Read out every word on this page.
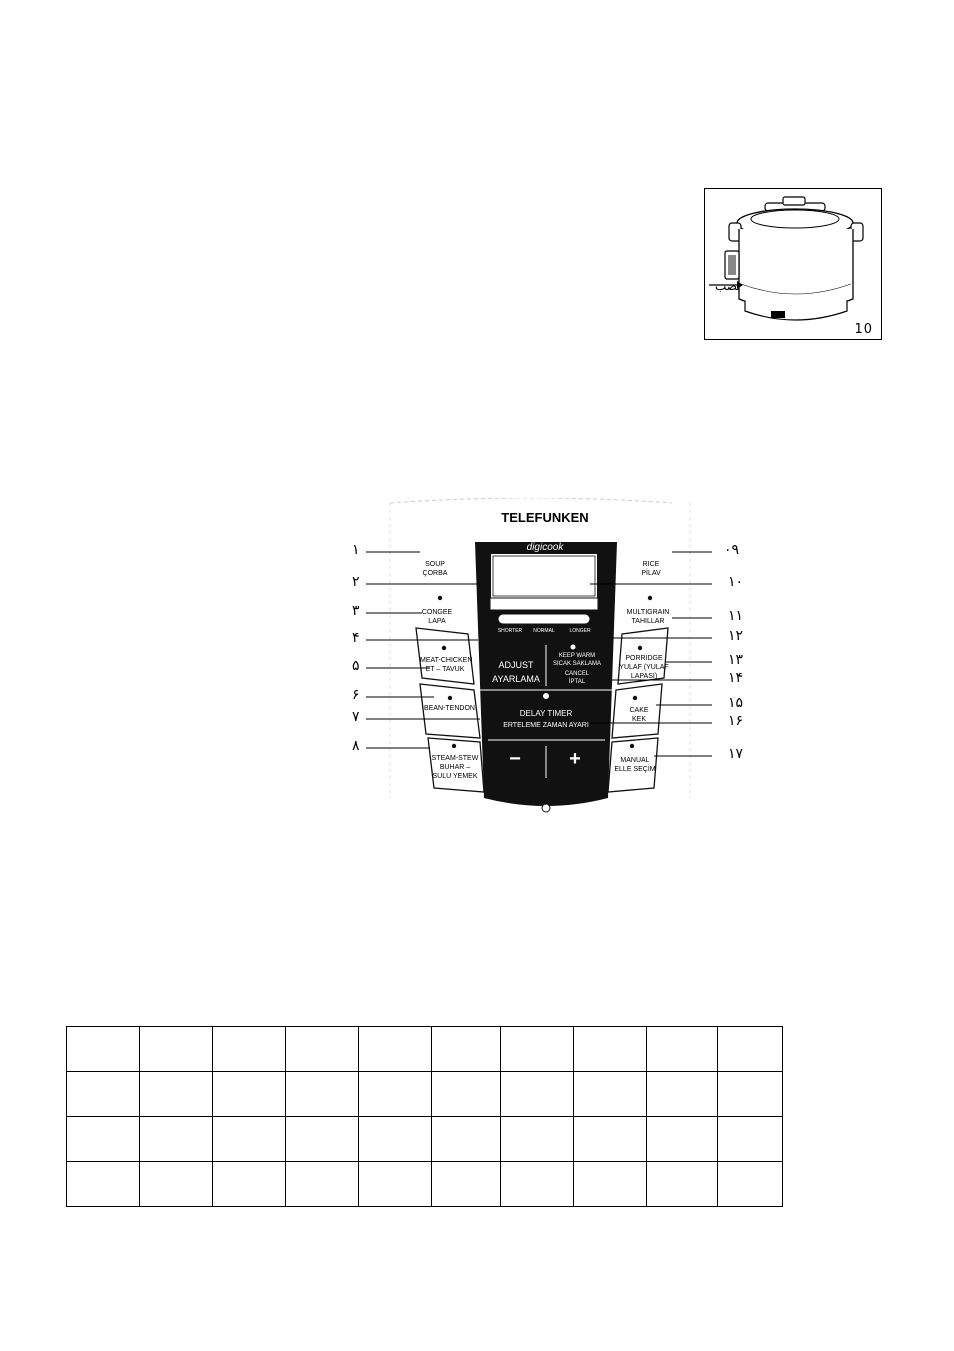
نصب
10
TELEFUNKEN
digicook
SOUP
ÇORBA
CONGEE
LAPA
MEAT-CHICKEN
ET – TAVUK
BEAN-TENDON
STEAM-STEW
BUHAR – SULU YEMEK
RICE
PİLAV
MULTIGRAIN
TAHILLAR
PORRIDGE
YULAF (YULAF LAPASI)
CAKE
KEK
MANUAL
ELLE SEÇİM
SHORTER	NORMAL	LONGER
ADJUST
AYARLAMA
KEEP WARM
SICAK SAKLAMA
CANCEL
İPTAL
DELAY TIMER
ERTELEME ZAMAN AYARI
−	+
١
٢
٣
۴
۵
۶
٧
٨
٠٩
١٠
١١
١٢
١٣
١۴
١۵
١۶
١٧
